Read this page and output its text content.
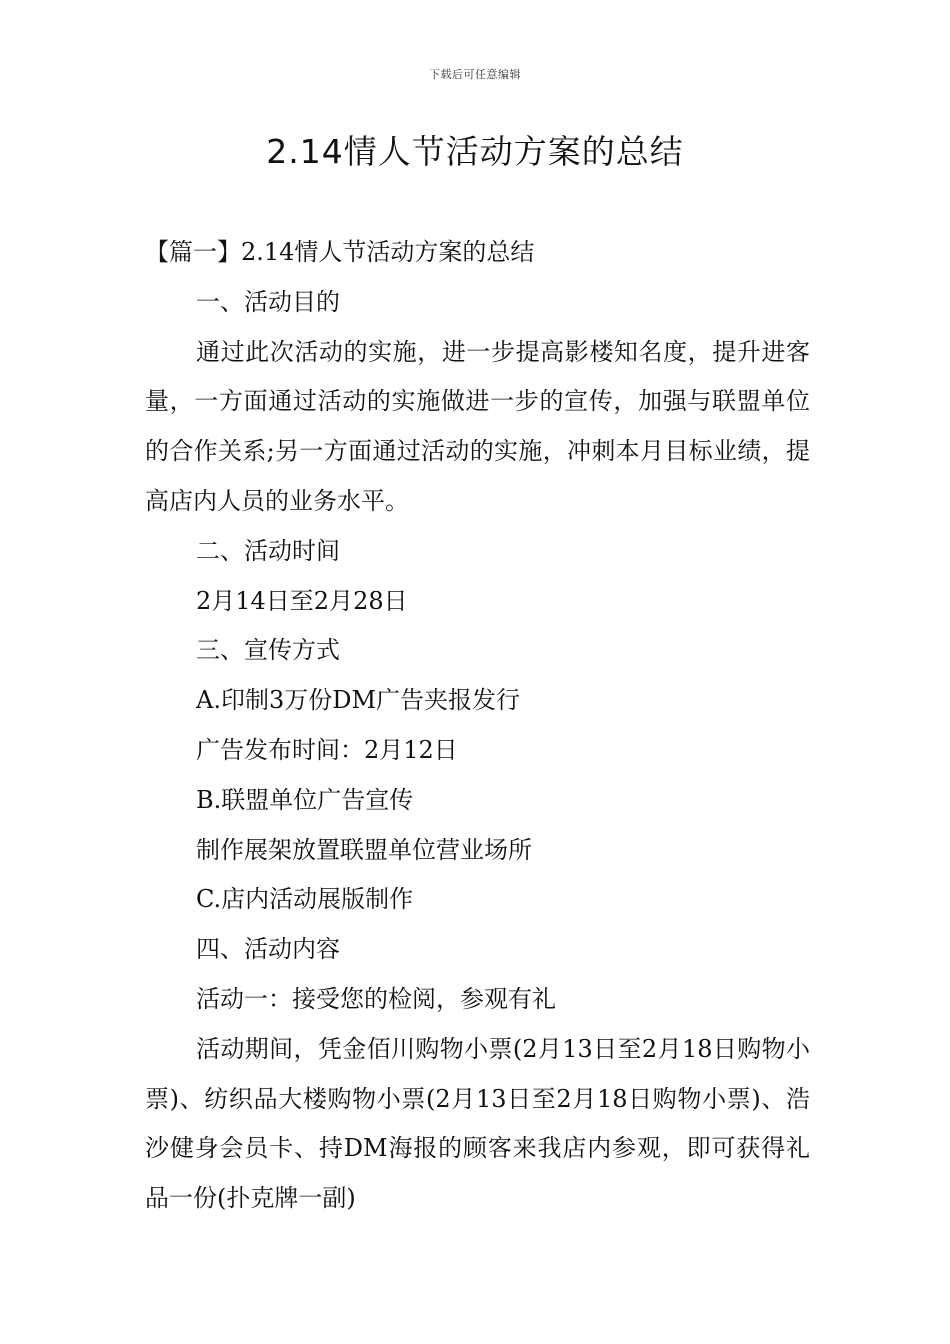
下载后可任意编辑
2.14情人节活动方案的总结

【篇一】2.14情人节活动方案的总结

一、活动目的

通过此次活动的实施，进一步提高影楼知名度，提升进客量，一方面通过活动的实施做进一步的宣传，加强与联盟单位的合作关系;另一方面通过活动的实施，冲刺本月目标业绩，提高店内人员的业务水平。

二、活动时间

2月14日至2月28日

三、宣传方式

A.印制3万份DM广告夹报发行

广告发布时间：2月12日

B.联盟单位广告宣传

制作展架放置联盟单位营业场所

C.店内活动展版制作

四、活动内容

活动一：接受您的检阅，参观有礼

活动期间，凭金佰川购物小票(2月13日至2月18日购物小票)、纺织品大楼购物小票(2月13日至2月18日购物小票)、浩沙健身会员卡、持DM海报的顾客来我店内参观，即可获得礼品一份(扑克牌一副)
